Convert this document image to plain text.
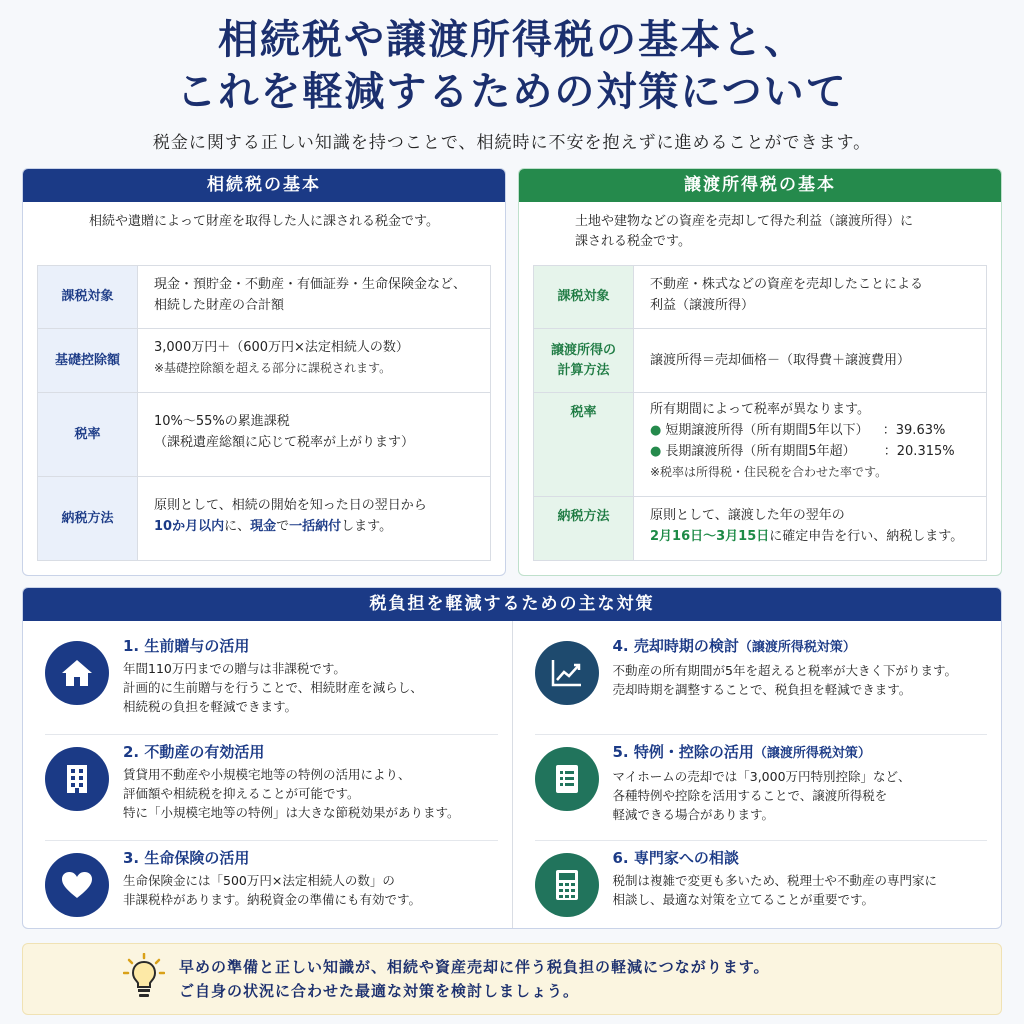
相続税や譲渡所得税の基本と、
これを軽減するための対策について
税金に関する正しい知識を持つことで、相続時に不安を抱えずに進めることができます。
相続税の基本
相続や遺贈によって財産を取得した人に課される税金です。
課税対象
現金・預貯金・不動産・有価証券・生命保険金など、
相続した財産の合計額
基礎控除額
3,000万円＋（600万円×法定相続人の数）
※基礎控除額を超える部分に課税されます。
税率
10%〜55%の累進課税
（課税遺産総額に応じて税率が上がります）
納税方法
原則として、相続の開始を知った日の翌日から
10か月以内に、現金で一括納付します。
譲渡所得税の基本
土地や建物などの資産を売却して得た利益（譲渡所得）に
課される税金です。
課税対象
不動産・株式などの資産を売却したことによる
利益（譲渡所得）
譲渡所得の
計算方法
譲渡所得＝売却価格－（取得費＋譲渡費用）
税率	所有期間によって税率が異なります。
● 短期譲渡所得（所有期間5年以下） ：39.63%
● 長期譲渡所得（所有期間5年超） ：20.315%
※税率は所得税・住民税を合わせた率です。
納税方法	原則として、譲渡した年の翌年の
2月16日〜3月15日に確定申告を行い、納税します。
税負担を軽減するための主な対策
1. 生前贈与の活用

年間110万円までの贈与は非課税です。

計画的に生前贈与を行うことで、相続財産を減らし、

相続税の負担を軽減できます。

2. 不動産の有効活用

賃貸用不動産や小規模宅地等の特例の活用により、

評価額や相続税を抑えることが可能です。

特に「小規模宅地等の特例」は大きな節税効果があります。

3. 生命保険の活用

生命保険金には「500万円×法定相続人の数」の

非課税枠があります。納税資金の準備にも有効です。

4. 売却時期の検討（譲渡所得税対策）

不動産の所有期間が5年を超えると税率が大きく下がります。

売却時期を調整することで、税負担を軽減できます。

5. 特例・控除の活用（譲渡所得税対策）

マイホームの売却では「3,000万円特別控除」など、

各種特例や控除を活用することで、譲渡所得税を

軽減できる場合があります。

6. 専門家への相談

税制は複雑で変更も多いため、税理士や不動産の専門家に

相談し、最適な対策を立てることが重要です。

早めの準備と正しい知識が、相続や資産売却に伴う税負担の軽減につながります。

ご自身の状況に合わせた最適な対策を検討しましょう。
